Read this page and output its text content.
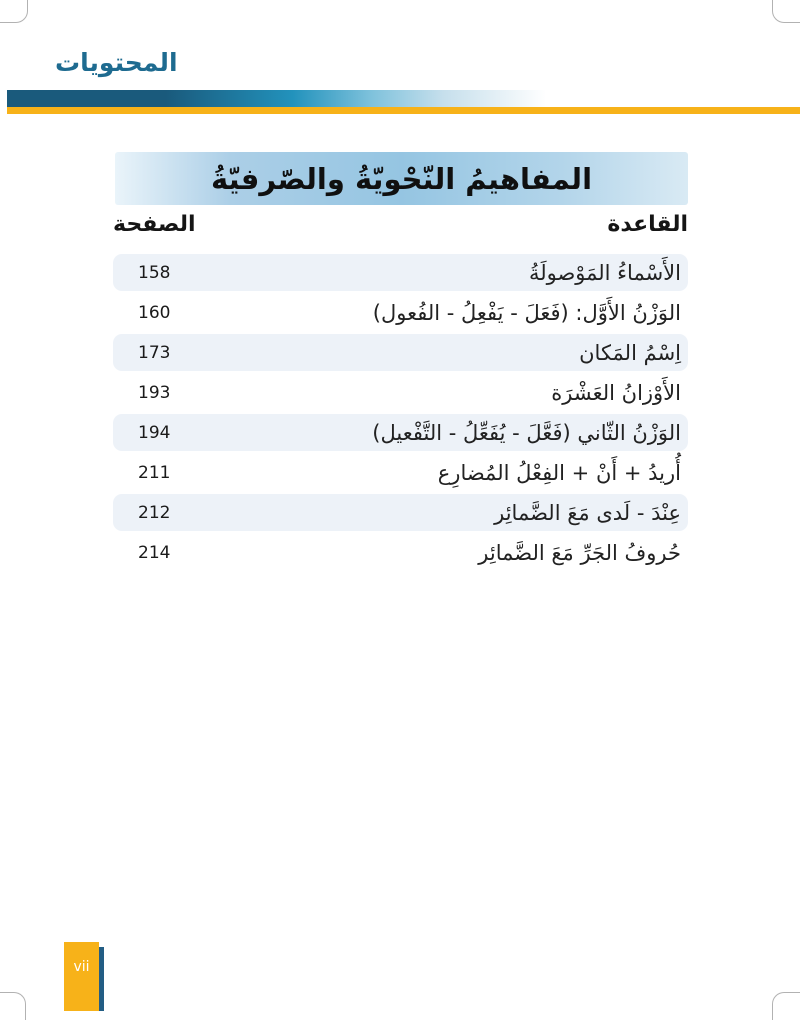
المحتويات
المفاهيمُ النّحْويّةُ والصّرفيّةُ
الصفحة	القاعدة
158	الأَسْماءُ المَوْصولَةُ
160	الوَزْنُ الأَوَّل: (فَعَلَ - يَفْعِلُ - الفُعول)
173	اِسْمُ المَكان
193	الأَوْزانُ العَشْرَة
194	الوَزْنُ الثّاني (فَعَّلَ - يُفَعِّلُ - التَّفْعيل)
211	أُريدُ + أَنْ + الفِعْلُ المُضارِع
212	عِنْدَ - لَدى مَعَ الضَّمائِر
214	حُروفُ الجَرِّ مَعَ الضَّمائِر
vii
